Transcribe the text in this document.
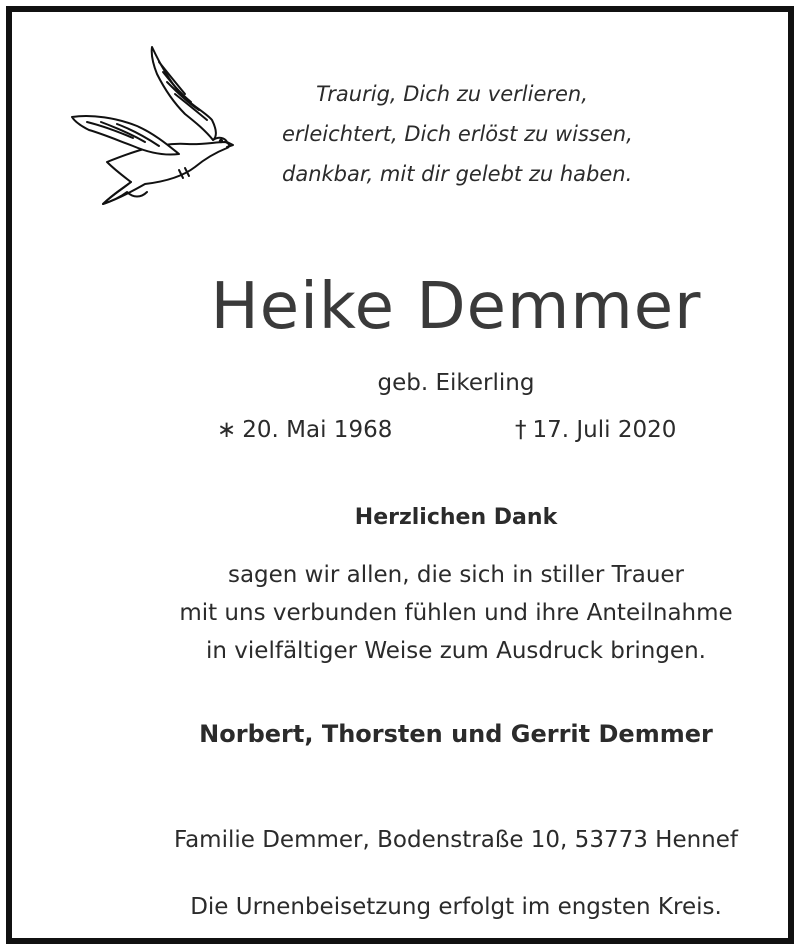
Traurig, Dich zu verlieren,
erleichtert, Dich erlöst zu wissen,
dankbar, mit dir gelebt zu haben.
Heike Demmer
geb. Eikerling
∗ 20. Mai 1968	† 17. Juli 2020
Herzlichen Dank
sagen wir allen, die sich in stiller Trauer
mit uns verbunden fühlen und ihre Anteilnahme
in vielfältiger Weise zum Ausdruck bringen.
Norbert, Thorsten und Gerrit Demmer
Familie Demmer, Bodenstraße 10, 53773 Hennef
Die Urnenbeisetzung erfolgt im engsten Kreis.
